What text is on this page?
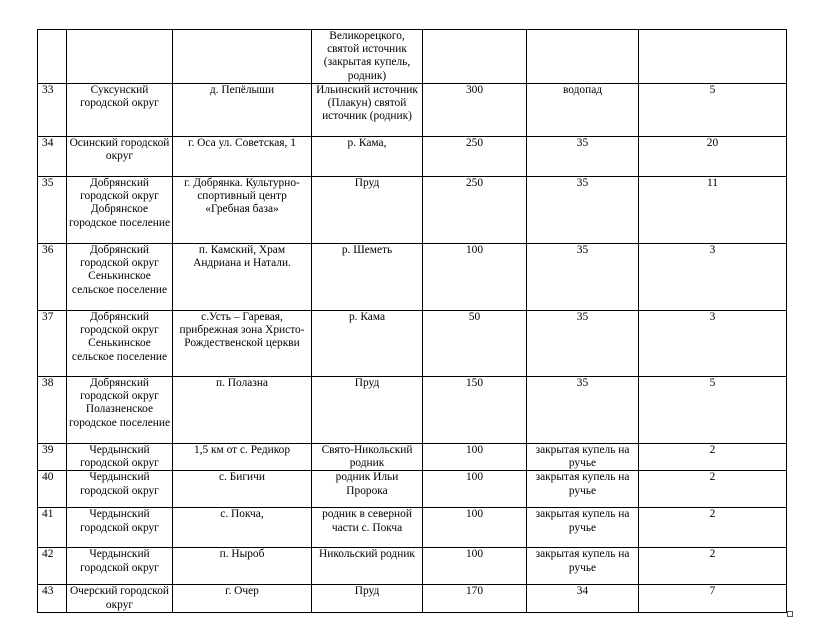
			Великорецкого, святой источник (закрытая купель, родник)			
33	Суксунский городской округ	д. Пепёлыши	Ильинский источник (Плакун) святой источник (родник)	300	водопад	5
34	Осинский городской округ	г. Оса ул. Советская, 1	р. Кама,	250	35	20
35	Добрянский городской округ Добрянское городское поселение	г. Добрянка. Культурно-спортивный центр «Гребная база»	Пруд	250	35	11
36	Добрянский городской округ Сенькинское сельское поселение	п. Камский, Храм Андриана и Натали.	р. Шеметь	100	35	3
37	Добрянский городской округ Сенькинское сельское поселение	с.Усть – Гаревая, прибрежная зона Христо-Рождественской церкви	р. Кама	50	35	3
38	Добрянский городской округ Полазненское городское поселение	п. Полазна	Пруд	150	35	5
39	Чердынский городской округ	1,5 км от с. Редикор	Свято-Никольский родник	100	закрытая купель на ручье	2
40	Чердынский городской округ	с. Бигичи	родник Ильи Пророка	100	закрытая купель на ручье	2
41	Чердынский городской округ	с. Покча,	родник в северной части с. Покча	100	закрытая купель на ручье	2
42	Чердынский городской округ	п. Ныроб	Никольский родник	100	закрытая купель на ручье	2
43	Очерский городской округ	г. Очер	Пруд	170	34	7
